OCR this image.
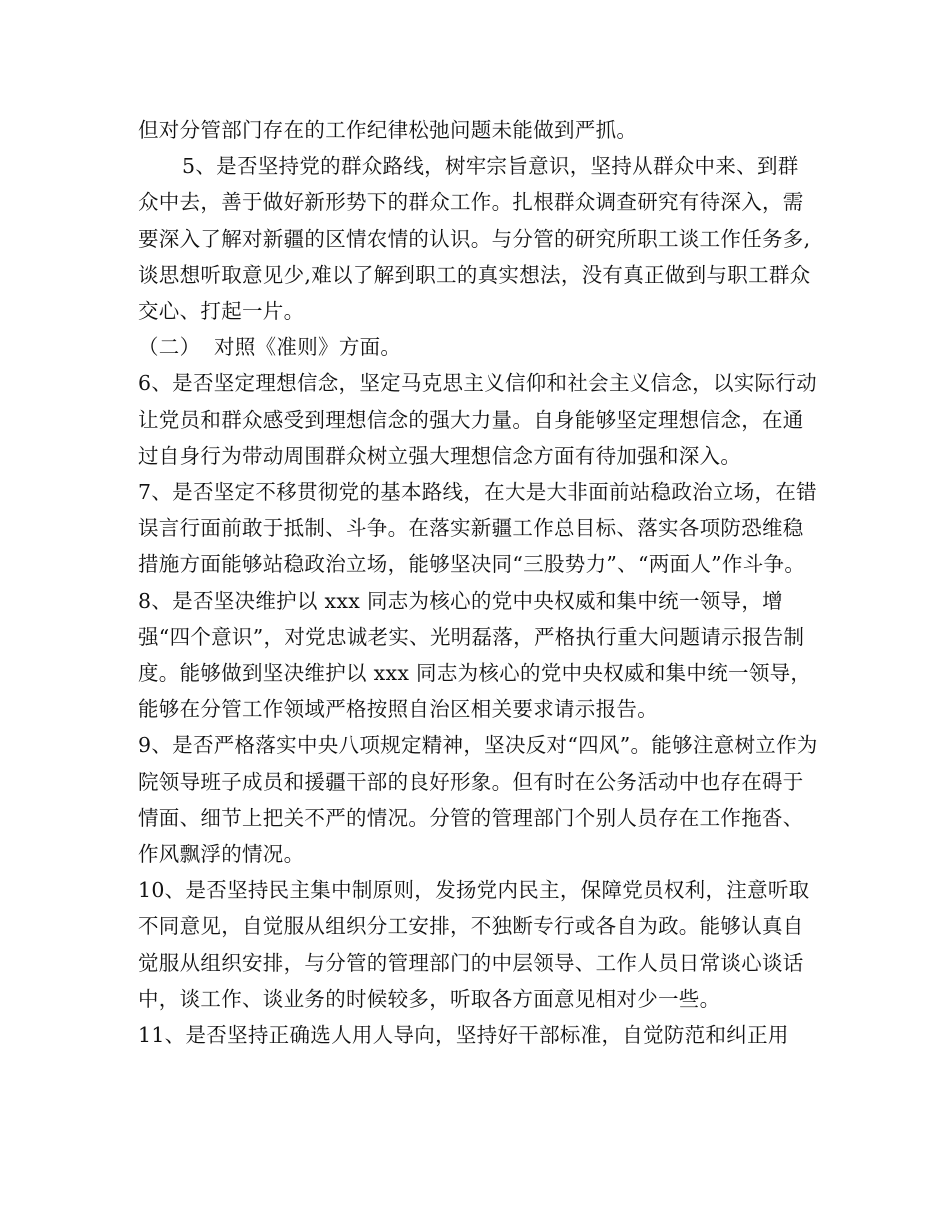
但对分管部门存在的工作纪律松弛问题未能做到严抓。

5、是否坚持党的群众路线，树牢宗旨意识，坚持从群众中来、到群众中去，善于做好新形势下的群众工作。扎根群众调查研究有待深入，需要深入了解对新疆的区情农情的认识。与分管的研究所职工谈工作任务多,谈思想听取意见少,难以了解到职工的真实想法，没有真正做到与职工群众交心、打起一片。

（二）  对照《准则》方面。

6、是否坚定理想信念，坚定马克思主义信仰和社会主义信念，以实际行动让党员和群众感受到理想信念的强大力量。自身能够坚定理想信念，在通过自身行为带动周围群众树立强大理想信念方面有待加强和深入。

7、是否坚定不移贯彻党的基本路线，在大是大非面前站稳政治立场，在错误言行面前敢于抵制、斗争。在落实新疆工作总目标、落实各项防恐维稳措施方面能够站稳政治立场，能够坚决同“三股势力”、“两面人”作斗争。

8、是否坚决维护以 xxx 同志为核心的党中央权威和集中统一领导，增强“四个意识”，对党忠诚老实、光明磊落，严格执行重大问题请示报告制度。能够做到坚决维护以 xxx 同志为核心的党中央权威和集中统一领导，能够在分管工作领域严格按照自治区相关要求请示报告。

9、是否严格落实中央八项规定精神，坚决反对“四风”。能够注意树立作为院领导班子成员和援疆干部的良好形象。但有时在公务活动中也存在碍于情面、细节上把关不严的情况。分管的管理部门个别人员存在工作拖沓、作风飘浮的情况。

10、是否坚持民主集中制原则，发扬党内民主，保障党员权利，注意听取不同意见，自觉服从组织分工安排，不独断专行或各自为政。能够认真自觉服从组织安排，与分管的管理部门的中层领导、工作人员日常谈心谈话中，谈工作、谈业务的时候较多，听取各方面意见相对少一些。

11、是否坚持正确选人用人导向，坚持好干部标准，自觉防范和纠正用
